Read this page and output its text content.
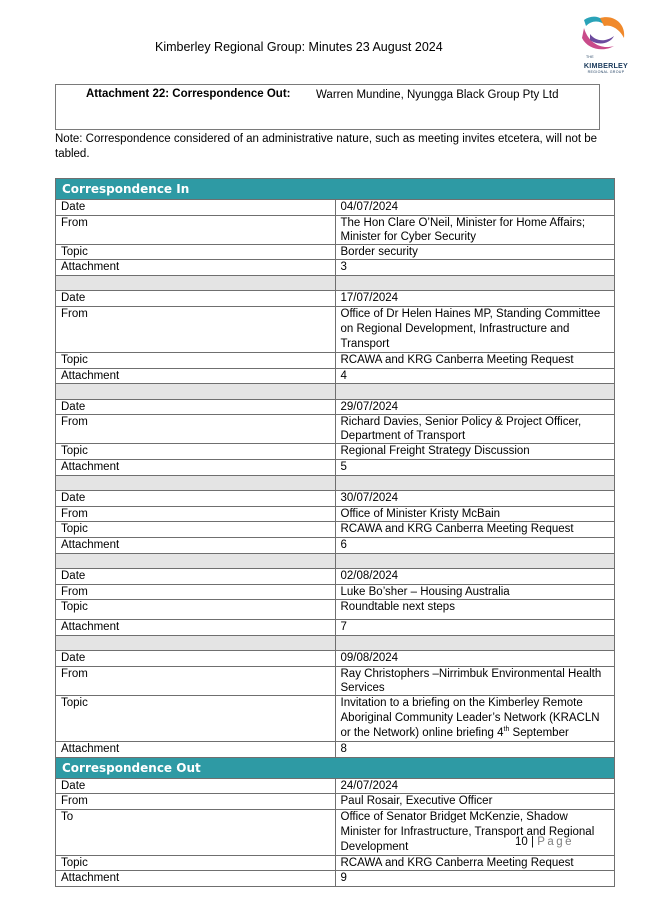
Kimberley Regional Group: Minutes 23 August 2024
THE
KIMBERLEY
REGIONAL GROUP
Attachment 22: Correspondence Out: Warren Mundine, Nyungga Black Group Pty Ltd
Note: Correspondence considered of an administrative nature, such as meeting invites etcetera, will not be tabled.
Correspondence In	
Date	04/07/2024
From	The Hon Clare O’Neil, Minister for Home Affairs; Minister for Cyber Security
Topic	Border security
Attachment	3

Date	17/07/2024
From	Office of Dr Helen Haines MP, Standing Committee on Regional Development, Infrastructure and Transport
Topic	RCAWA and KRG Canberra Meeting Request
Attachment	4

Date	29/07/2024
From	Richard Davies, Senior Policy & Project Officer, Department of Transport
Topic	Regional Freight Strategy Discussion
Attachment	5

Date	30/07/2024
From	Office of Minister Kristy McBain
Topic	RCAWA and KRG Canberra Meeting Request
Attachment	6

Date	02/08/2024
From	Luke Bo’sher – Housing Australia
Topic	Roundtable next steps
Attachment	7

Date	09/08/2024
From	Ray Christophers –Nirrimbuk Environmental Health Services
Topic	Invitation to a briefing on the Kimberley Remote Aboriginal Community Leader’s Network (KRACLN or the Network) online briefing 4th September
Attachment	8
Correspondence Out	
Date	24/07/2024
From	Paul Rosair, Executive Officer
To	Office of Senator Bridget McKenzie, Shadow Minister for Infrastructure, Transport and Regional Development
Topic	RCAWA and KRG Canberra Meeting Request
Attachment	9
10 | Page
